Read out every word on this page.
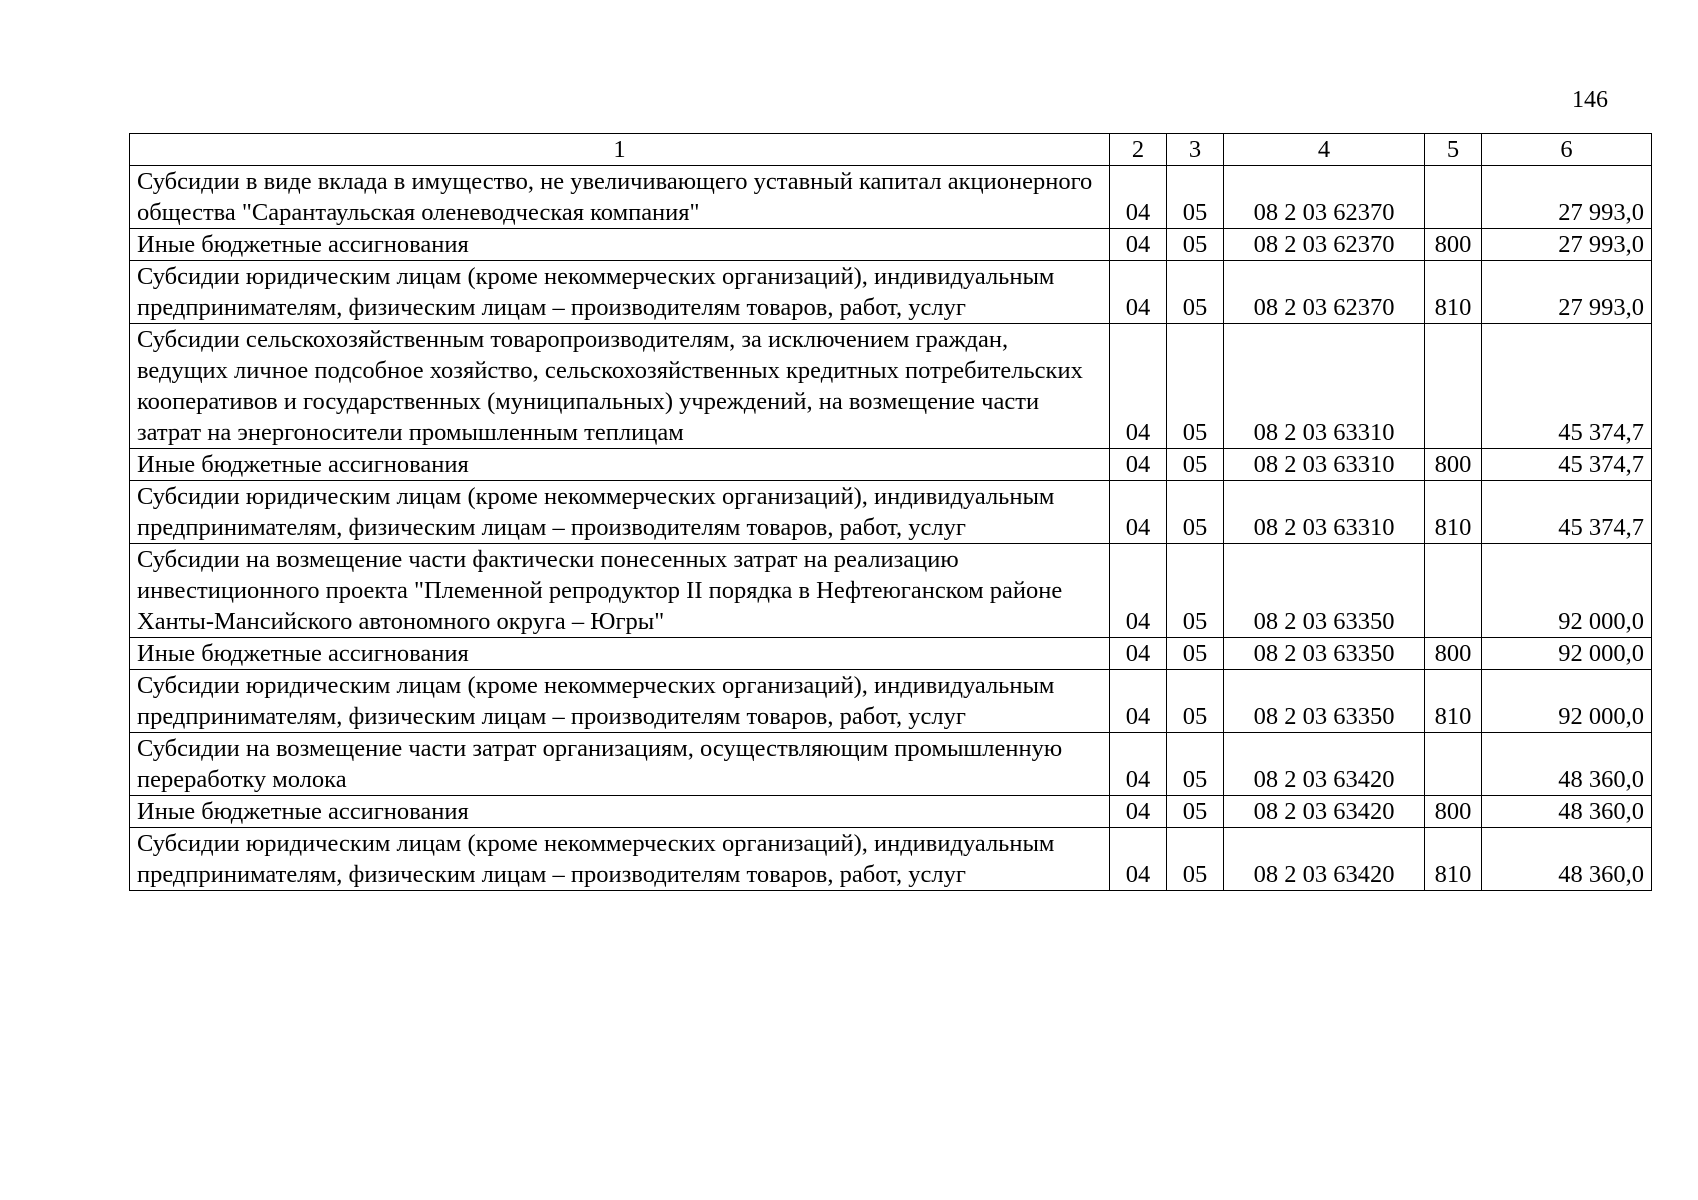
146
1	2	3	4	5	6
Субсидии в виде вклада в имущество, не увеличивающего уставный капитал акционерного общества "Сарантаульская оленеводческая компания"	04	05	08 2 03 62370		27 993,0
Иные бюджетные ассигнования	04	05	08 2 03 62370	800	27 993,0
Субсидии юридическим лицам (кроме некоммерческих организаций), индивидуальным предпринимателям, физическим лицам – производителям товаров, работ, услуг	04	05	08 2 03 62370	810	27 993,0
Субсидии сельскохозяйственным товаропроизводителям, за исключением граждан, ведущих личное подсобное хозяйство, сельскохозяйственных кредитных потребительских кооперативов и государственных (муниципальных) учреждений, на возмещение части затрат на энергоносители промышленным теплицам	04	05	08 2 03 63310		45 374,7
Иные бюджетные ассигнования	04	05	08 2 03 63310	800	45 374,7
Субсидии юридическим лицам (кроме некоммерческих организаций), индивидуальным предпринимателям, физическим лицам – производителям товаров, работ, услуг	04	05	08 2 03 63310	810	45 374,7
Субсидии на возмещение части фактически понесенных затрат на реализацию инвестиционного проекта "Племенной репродуктор II порядка в Нефтеюганском районе Ханты-Мансийского автономного округа – Югры"	04	05	08 2 03 63350		92 000,0
Иные бюджетные ассигнования	04	05	08 2 03 63350	800	92 000,0
Субсидии юридическим лицам (кроме некоммерческих организаций), индивидуальным предпринимателям, физическим лицам – производителям товаров, работ, услуг	04	05	08 2 03 63350	810	92 000,0
Субсидии на возмещение части затрат организациям, осуществляющим промышленную переработку молока	04	05	08 2 03 63420		48 360,0
Иные бюджетные ассигнования	04	05	08 2 03 63420	800	48 360,0
Субсидии юридическим лицам (кроме некоммерческих организаций), индивидуальным предпринимателям, физическим лицам – производителям товаров, работ, услуг	04	05	08 2 03 63420	810	48 360,0
